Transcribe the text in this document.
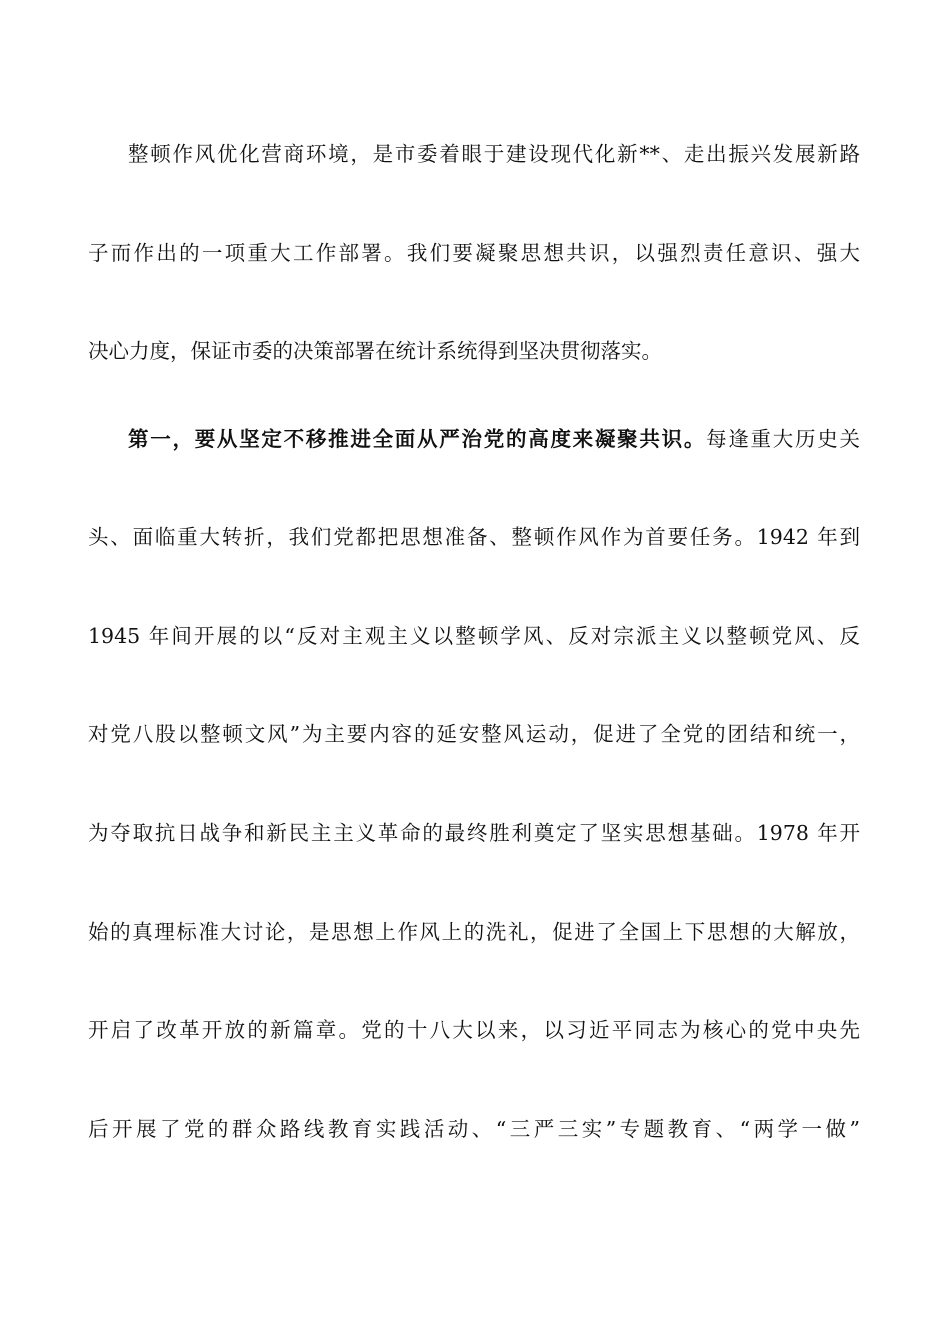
整顿作风优化营商环境，是市委着眼于建设现代化新**、走出振兴发展新路
子而作出的一项重大工作部署。我们要凝聚思想共识，以强烈责任意识、强大
决心力度，保证市委的决策部署在统计系统得到坚决贯彻落实。
第一，要从坚定不移推进全面从严治党的高度来凝聚共识。每逢重大历史关
头、面临重大转折，我们党都把思想准备、整顿作风作为首要任务。1942 年到
1945 年间开展的以“反对主观主义以整顿学风、反对宗派主义以整顿党风、反
对党八股以整顿文风”为主要内容的延安整风运动，促进了全党的团结和统一，
为夺取抗日战争和新民主主义革命的最终胜利奠定了坚实思想基础。1978 年开
始的真理标准大讨论，是思想上作风上的洗礼，促进了全国上下思想的大解放，
开启了改革开放的新篇章。党的十八大以来，以习近平同志为核心的党中央先
后开展了党的群众路线教育实践活动、“三严三实”专题教育、“两学一做”
